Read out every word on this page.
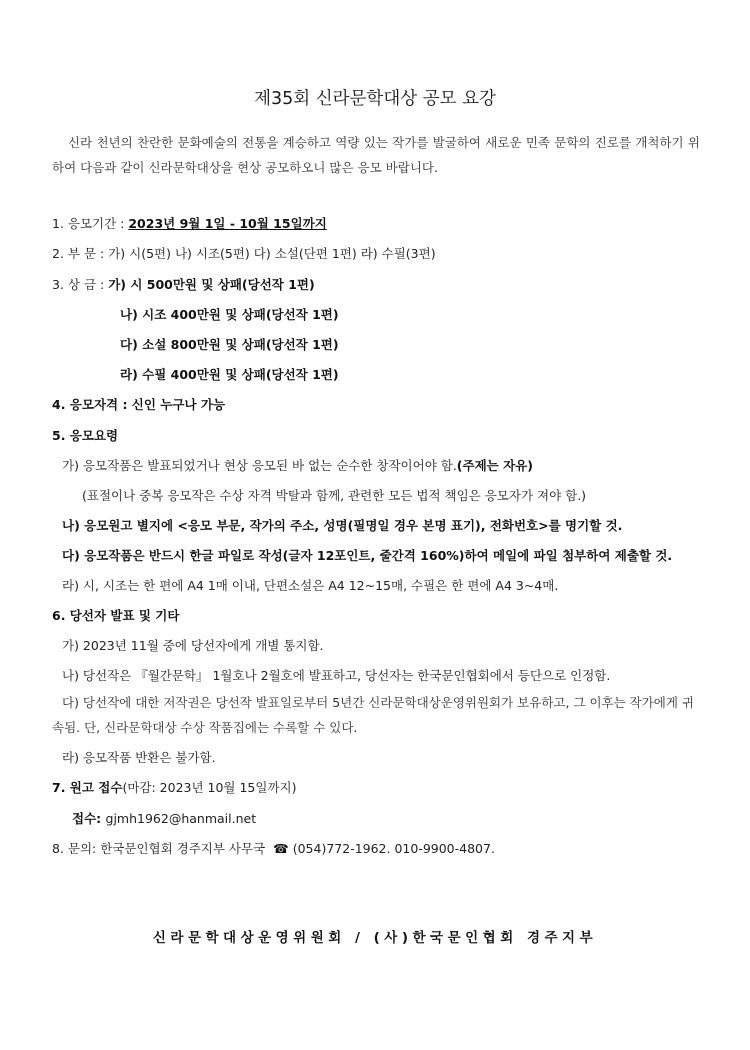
제35회 신라문학대상 공모 요강
신라 천년의 찬란한 문화예술의 전통을 계승하고 역량 있는 작가를 발굴하여 새로운 민족 문학의 진로를 개척하기 위하여 다음과 같이 신라문학대상을 현상 공모하오니 많은 응모 바랍니다.
1. 응모기간 : 2023년 9월 1일 - 10월 15일까지
2. 부 문 : 가) 시(5편) 나) 시조(5편) 다) 소설(단편 1편) 라) 수필(3편)
3. 상 금 : 가) 시 500만원 및 상패(당선작 1편)
나) 시조 400만원 및 상패(당선작 1편)
다) 소설 800만원 및 상패(당선작 1편)
라) 수필 400만원 및 상패(당선작 1편)
4. 응모자격 : 신인 누구나 가능
5. 응모요령
가) 응모작품은 발표되었거나 현상 응모된 바 없는 순수한 창작이어야 함.(주제는 자유)
(표절이나 중복 응모작은 수상 자격 박탈과 함께, 관련한 모든 법적 책임은 응모자가 져야 함.)
나) 응모원고 별지에 <응모 부문, 작가의 주소, 성명(필명일 경우 본명 표기), 전화번호>를 명기할 것.
다) 응모작품은 반드시 한글 파일로 작성(글자 12포인트, 줄간격 160%)하여 메일에 파일 첨부하여 제출할 것.
라) 시, 시조는 한 편에 A4 1매 이내, 단편소설은 A4 12~15매, 수필은 한 편에 A4 3~4매.
6. 당선자 발표 및 기타
가) 2023년 11월 중에 당선자에게 개별 통지함.
나) 당선작은 『월간문학』 1월호나 2월호에 발표하고, 당선자는 한국문인협회에서 등단으로 인정함.
다) 당선작에 대한 저작권은 당선작 발표일로부터 5년간 신라문학대상운영위원회가 보유하고, 그 이후는 작가에게 귀속됨. 단, 신라문학대상 수상 작품집에는 수록할 수 있다.
라) 응모작품 반환은 불가함.
7. 원고 접수(마감: 2023년 10월 15일까지)
접수: gjmh1962@hanmail.net
8. 문의: 한국문인협회 경주지부 사무국 ☎ (054)772-1962. 010-9900-4807.
신라문학대상운영위원회 / (사)한국문인협회 경주지부
